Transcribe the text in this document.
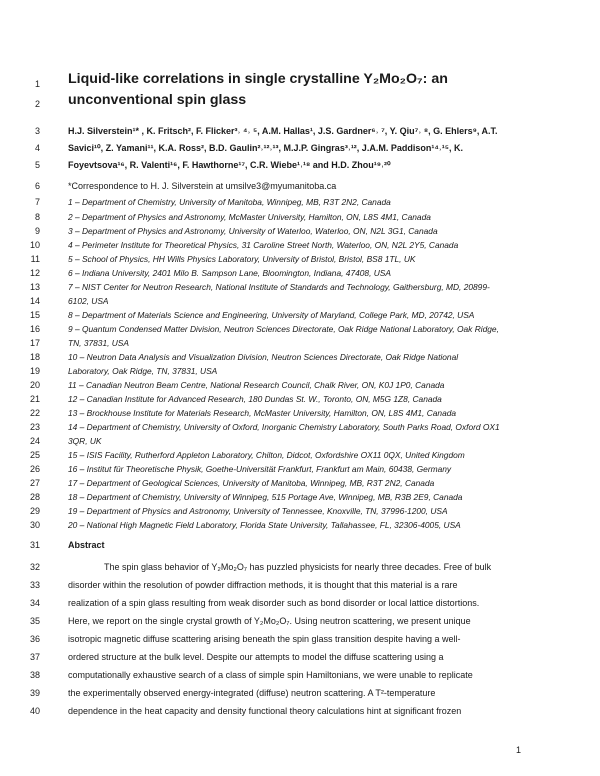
1
2
3
4
5
6
7
8
9
10
11
12
13
14
15
16
17
18
19
20
21
22
23
24
25
26
27
28
29
30
31
32
33
34
35
36
37
38
39
40
Liquid-like correlations in single crystalline Y₂Mo₂O₇: an
unconventional spin glass
H.J. Silverstein¹* , K. Fritsch², F. Flicker³˒ ⁴˒ ⁵, A.M. Hallas¹, J.S. Gardner⁶˒ ⁷, Y. Qiu⁷˒ ⁸, G. Ehlers⁹, A.T.
Savici¹⁰, Z. Yamani¹¹, K.A. Ross², B.D. Gaulin²˒¹²˒¹³, M.J.P. Gingras³˒¹², J.A.M. Paddison¹⁴˒¹⁵, K.
Foyevtsova¹⁶, R. Valenti¹⁶, F. Hawthorne¹⁷, C.R. Wiebe¹˒¹⁸ and H.D. Zhou¹⁹˒²⁰
*Correspondence to H. J. Silverstein at umsilve3@myumanitoba.ca
1 – Department of Chemistry, University of Manitoba, Winnipeg, MB, R3T 2N2, Canada
2 – Department of Physics and Astronomy, McMaster University, Hamilton, ON, L8S 4M1, Canada
3 – Department of Physics and Astronomy, University of Waterloo, Waterloo, ON, N2L 3G1, Canada
4 – Perimeter Institute for Theoretical Physics, 31 Caroline Street North, Waterloo, ON, N2L 2Y5, Canada
5 – School of Physics, HH Wills Physics Laboratory, University of Bristol, Bristol, BS8 1TL, UK
6 – Indiana University, 2401 Milo B. Sampson Lane, Bloomington, Indiana, 47408, USA
7 – NIST Center for Neutron Research, National Institute of Standards and Technology, Gaithersburg, MD, 20899-
6102, USA
8 – Department of Materials Science and Engineering, University of Maryland, College Park, MD, 20742, USA
9 – Quantum Condensed Matter Division, Neutron Sciences Directorate, Oak Ridge National Laboratory, Oak Ridge,
TN, 37831, USA
10 – Neutron Data Analysis and Visualization Division, Neutron Sciences Directorate, Oak Ridge National
Laboratory, Oak Ridge, TN, 37831, USA
11 – Canadian Neutron Beam Centre, National Research Council, Chalk River, ON, K0J 1P0, Canada
12 – Canadian Institute for Advanced Research, 180 Dundas St. W., Toronto, ON, M5G 1Z8, Canada
13 – Brockhouse Institute for Materials Research, McMaster University, Hamilton, ON, L8S 4M1, Canada
14 – Department of Chemistry, University of Oxford, Inorganic Chemistry Laboratory, South Parks Road, Oxford OX1
3QR, UK
15 – ISIS Facility, Rutherford Appleton Laboratory, Chilton, Didcot, Oxfordshire OX11 0QX, United Kingdom
16 – Institut für Theoretische Physik, Goethe-Universität Frankfurt, Frankfurt am Main, 60438, Germany
17 – Department of Geological Sciences, University of Manitoba, Winnipeg, MB, R3T 2N2, Canada
18 – Department of Chemistry, University of Winnipeg, 515 Portage Ave, Winnipeg, MB, R3B 2E9, Canada
19 – Department of Physics and Astronomy, University of Tennessee, Knoxville, TN, 37996-1200, USA
20 – National High Magnetic Field Laboratory, Florida State University, Tallahassee, FL, 32306-4005, USA
Abstract
The spin glass behavior of Y₂Mo₂O₇ has puzzled physicists for nearly three decades. Free of bulk
disorder within the resolution of powder diffraction methods, it is thought that this material is a rare
realization of a spin glass resulting from weak disorder such as bond disorder or local lattice distortions.
Here, we report on the single crystal growth of Y₂Mo₂O₇. Using neutron scattering, we present unique
isotropic magnetic diffuse scattering arising beneath the spin glass transition despite having a well-
ordered structure at the bulk level. Despite our attempts to model the diffuse scattering using a
computationally exhaustive search of a class of simple spin Hamiltonians, we were unable to replicate
the experimentally observed energy-integrated (diffuse) neutron scattering. A T²-temperature
dependence in the heat capacity and density functional theory calculations hint at significant frozen
1
